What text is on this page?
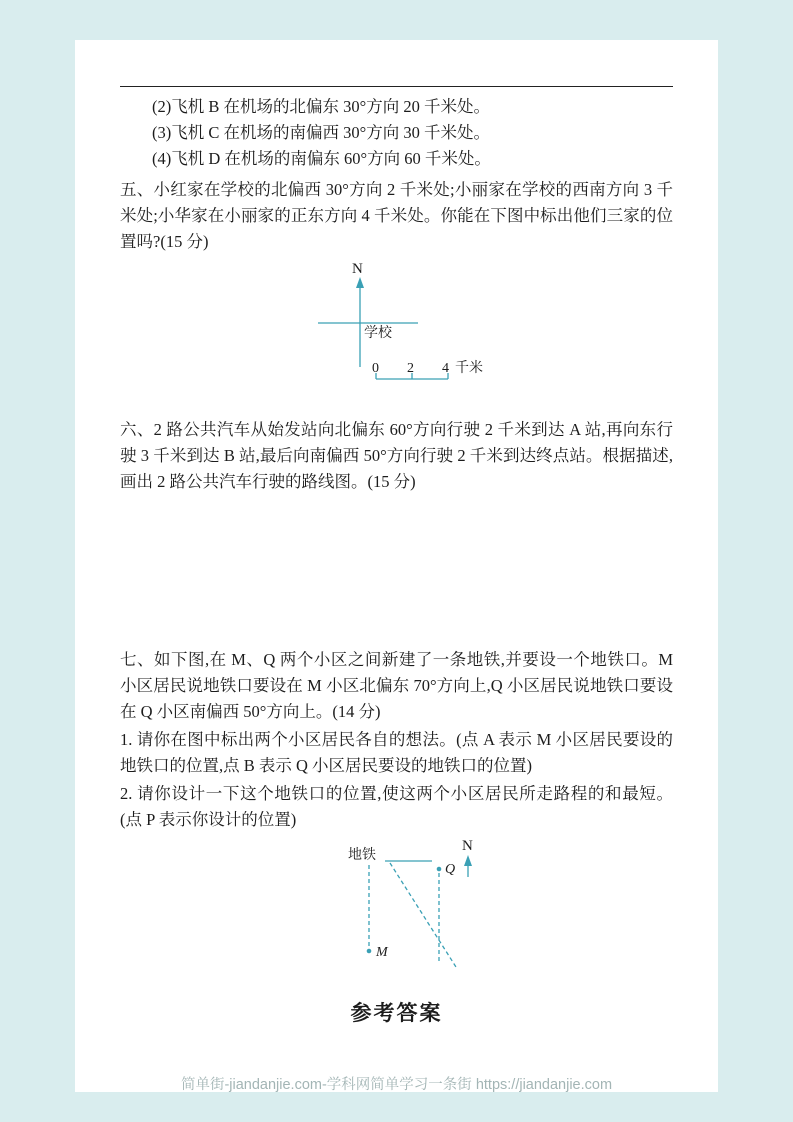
(2)飞机 B 在机场的北偏东 30°方向 20 千米处。

(3)飞机 C 在机场的南偏西 30°方向 30 千米处。

(4)飞机 D 在机场的南偏东 60°方向 60 千米处。

五、小红家在学校的北偏西 30°方向 2 千米处;小丽家在学校的西南方向 3 千米处;小华家在小丽家的正东方向 4 千米处。你能在下图中标出他们三家的位置吗?(15 分)

N
学校
0 2 4 千米

六、2 路公共汽车从始发站向北偏东 60°方向行驶 2 千米到达 A 站,再向东行驶 3 千米到达 B 站,最后向南偏西 50°方向行驶 2 千米到达终点站。根据描述,画出 2 路公共汽车行驶的路线图。(15 分)

七、如下图,在 M、Q 两个小区之间新建了一条地铁,并要设一个地铁口。M 小区居民说地铁口要设在 M 小区北偏东 70°方向上,Q 小区居民说地铁口要设在 Q 小区南偏西 50°方向上。(14 分)

1. 请你在图中标出两个小区居民各自的想法。(点 A 表示 M 小区居民要设的地铁口的位置,点 B 表示 Q 小区居民要设的地铁口的位置)

2. 请你设计一下这个地铁口的位置,使这两个小区居民所走路程的和最短。(点 P 表示你设计的位置)

地铁
N
Q
M
参考答案
简单街-jiandanjie.com-学科网简单学习一条街 https://jiandanjie.com
